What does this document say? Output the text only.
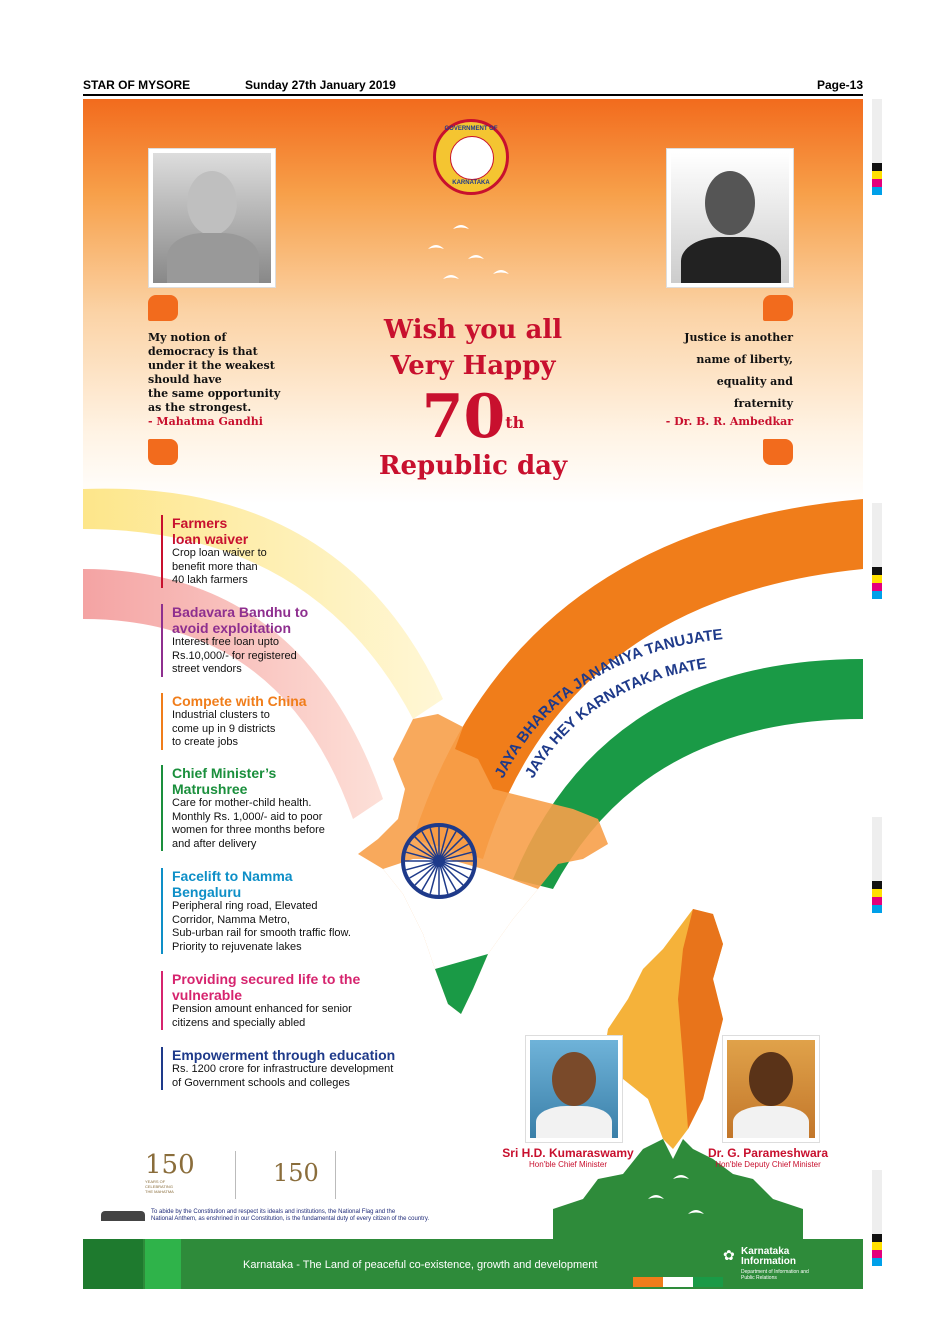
STAR OF MYSORE	Sunday 27th January 2019	Page-13
GOVERNMENT OF
KARNATAKA
My notion of
democracy is that
under it the weakest
should have
the same opportunity
as the strongest.
- Mahatma Gandhi
Justice is another
name of liberty,
equality and
fraternity
- Dr. B. R. Ambedkar
Wish you all
Very Happy
70th
Republic day
JAYA BHARATA JANANIYA TANUJATE
JAYA HEY KARNATAKA MATE
Farmers
loan waiver

Crop loan waiver to
benefit more than
40 lakh farmers

Badavara Bandhu to
avoid exploitation

Interest free loan upto
Rs.10,000/- for registered
street vendors

Compete with China

Industrial clusters to
come up in 9 districts
to create jobs

Chief Minister’s
Matrushree

Care for mother-child health.
Monthly Rs. 1,000/- aid to poor
women for three months before
and after delivery

Facelift to Namma
Bengaluru

Peripheral ring road, Elevated
Corridor, Namma Metro,
Sub-urban rail for smooth traffic flow.
Priority to rejuvenate lakes

Providing secured life to the
vulnerable

Pension amount enhanced for senior
citizens and specially abled

Empowerment through education

Rs. 1200 crore for infrastructure development
of Government schools and colleges

Sri H.D. Kumaraswamy
Hon'ble Chief Minister
Dr. G. Parameshwara
Hon'ble Deputy Chief Minister
150
YEARS OF
CELEBRATING
THE MAHATMA
150
To abide by the Constitution and respect its ideals and institutions, the National Flag and the
National Anthem, as enshrined in our Constitution, is the fundamental duty of every citizen of the country.
Karnataka - The Land of peaceful co-existence, growth and development
✿ Karnataka Information
Department of Information and
Public Relations
